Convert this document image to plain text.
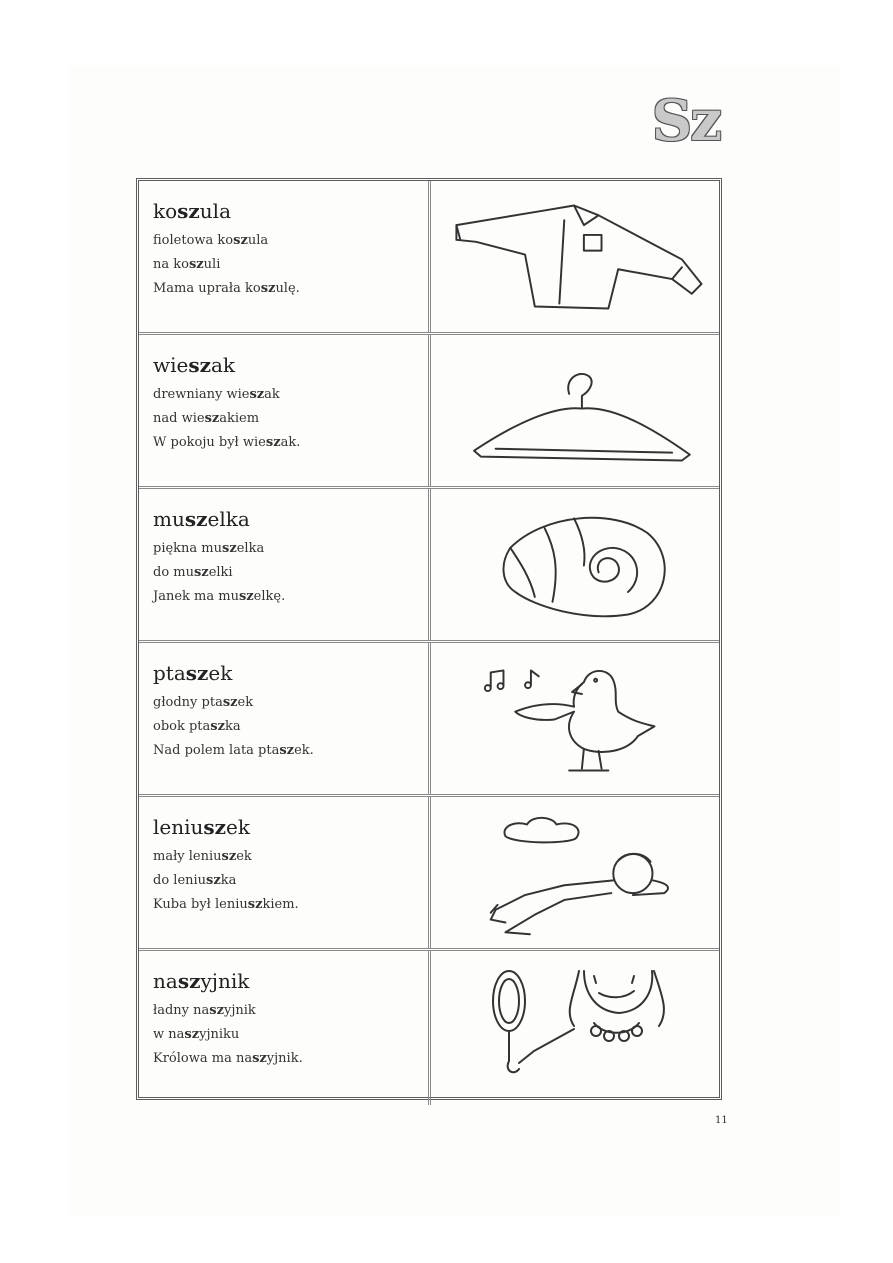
Sz
koszula
fioletowa koszula
na koszuli
Mama uprała koszulę.
wieszak
drewniany wieszak
nad wieszakiem
W pokoju był wieszak.
muszelka
piękna muszelka
do muszelki
Janek ma muszelkę.
ptaszek
głodny ptaszek
obok ptaszka
Nad polem lata ptaszek.
leniuszek
mały leniuszek
do leniuszka
Kuba był leniuszkiem.
naszyjnik
ładny naszyjnik
w naszyjniku
Królowa ma naszyjnik.
11
